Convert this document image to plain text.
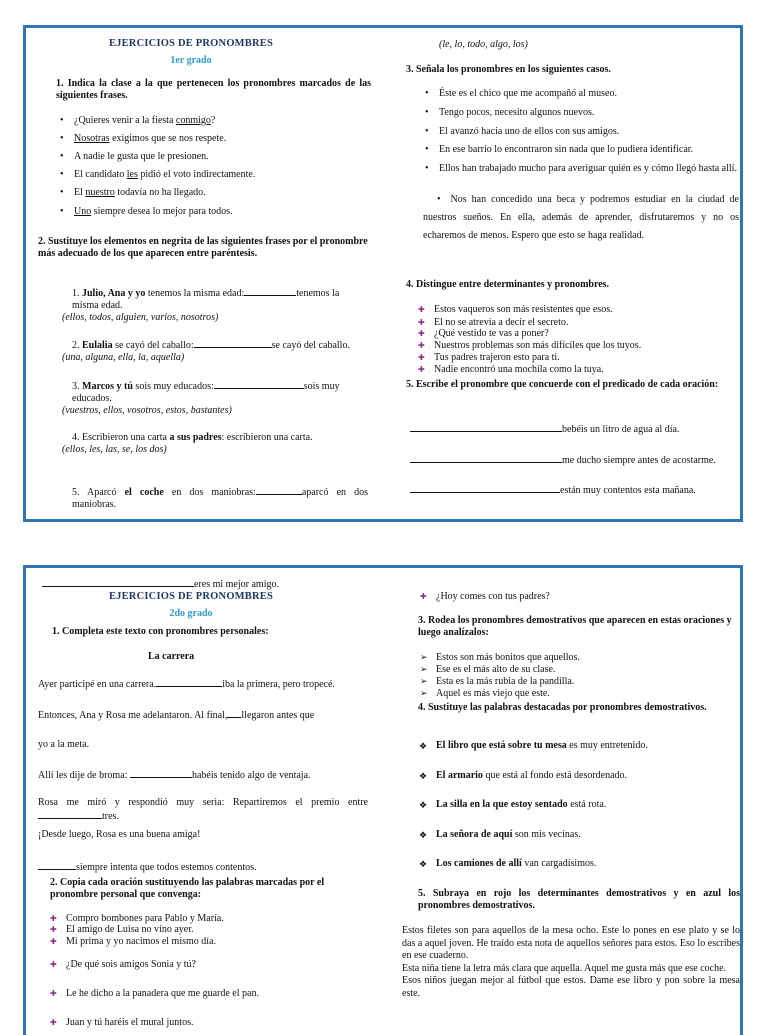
EJERCICIOS DE PRONOMBRES
1er grado
1. Indica la clase a la que pertenecen los pronombres marcados de las siguientes frases.
• ¿Quieres venir a la fiesta conmigo?
• Nosotras exigimos que se nos respete.
• A nadie le gusta que le presionen.
• El candidato les pidió el voto indirectamente.
• El nuestro todavía no ha llegado.
• Uno siempre desea lo mejor para todos.
2. Sustituye los elementos en negrita de las siguientes frases por el pronombre más adecuado de los que aparecen entre paréntesis.
1. Julio, Ana y yo tenemos la misma edad:	tenemos la misma edad.
(ellos, todos, alguien, varios, nosotros)
2. Eulalia se cayó del caballo:	se cayó del caballo.
(una, alguna, ella, la, aquella)
3. Marcos y tú sois muy educados:	sois muy educados.
(vuestros, ellos, vosotros, estos, bastantes)
4. Escribieron una carta a sus padres: escribieron una carta.
(ellos, les, las, se, los dos)
5. Aparcó el coche en dos maniobras:	aparcó en dos maniobras.
(le, lo, todo, algo, los)
3. Señala los pronombres en los siguientes casos.
• Éste es el chico que me acompañó al museo.
• Tengo pocos, necesito algunos nuevos.
• El avanzó hacia uno de ellos con sus amigos.
• En ese barrio lo encontraron sin nada que lo pudiera identificar.
• Ellos han trabajado mucho para averiguar quién es y cómo llegó hasta allí.
•  Nos han concedido una beca y podremos estudiar en la ciudad de nuestros sueños. En ella, además de aprender, disfrutaremos y no os echaremos de menos. Espero que esto se haga realidad.
4. Distingue entre determinantes y pronombres.
✚ Estos vaqueros son más resistentes que esos.
✚ El no se atrevía a decir el secreto.
✚ ¿Qué vestido te vas a poner?
✚ Nuestros problemas son más difíciles que los tuyos.
✚ Tus padres trajeron esto para ti.
✚ Nadie encontró una mochila como la tuya.
5. Escribe el pronombre que concuerde con el predicado de cada oración:
bebéis un litro de agua al día.
me ducho siempre antes de acostarme.
están muy contentos esta mañana.
eres mi mejor amigo.
EJERCICIOS DE PRONOMBRES
2do grado
1. Completa este texto con pronombres personales:
La carrera
Ayer participé en una carrera.	iba la primera, pero tropecé.
Entonces, Ana y Rosa me adelantaron. Al final, llegaron antes que
yo a la meta.
Allí les dije de broma:	habéis tenido algo de ventaja.
Rosa me miró y respondió muy seria: Repartiremos el premio entretres.
¡Desde luego, Rosa es una buena amiga!
siempre intenta que todos estemos contentos.
2. Copia cada oración sustituyendo las palabras marcadas por el pronombre personal que convenga:
✚ Compro bombones para Pablo y María.
✚ El amigo de Luisa no vino ayer.
✚ Mi prima y yo nacimos el mismo día.
✚ ¿De qué sois amigos Sonia y tú?
✚ Le he dicho a la panadera que me guarde el pan.
✚ Juan y tú haréis el mural juntos.
✚ ¿Hoy comes con tus padres?
3. Rodea los pronombres demostrativos que aparecen en estas oraciones y luego analízalos:
➢ Estos son más bonitos que aquellos.
➢ Ese es el más alto de su clase.
➢ Esta es la más rubia de la pandilla.
➢ Aquel es más viejo que este.
4. Sustituye las palabras destacadas por pronombres demostrativos.
❖ El libro que está sobre tu mesa es muy entretenido.
❖ El armario que está al fondo está desordenado.
❖ La silla en la que estoy sentado está rota.
❖ La señora de aquí son mis vecinas.
❖ Los camiones de allí van cargadísimos.
5. Subraya en rojo los determinantes demostrativos y en azul los pronombres demostrativos.
Estos filetes son para aquellos de la mesa ocho. Este lo pones en ese plato y se lo das a aquel joven. He traído esta nota de aquellos señores para estos. Eso lo escribes en ese cuaderno.
Esta niña tiene la letra más clara que aquella. Aquel me gusta más que ese coche.
Esos niños juegan mejor al fútbol que estos. Dame ese libro y pon sobre la mesa este.
